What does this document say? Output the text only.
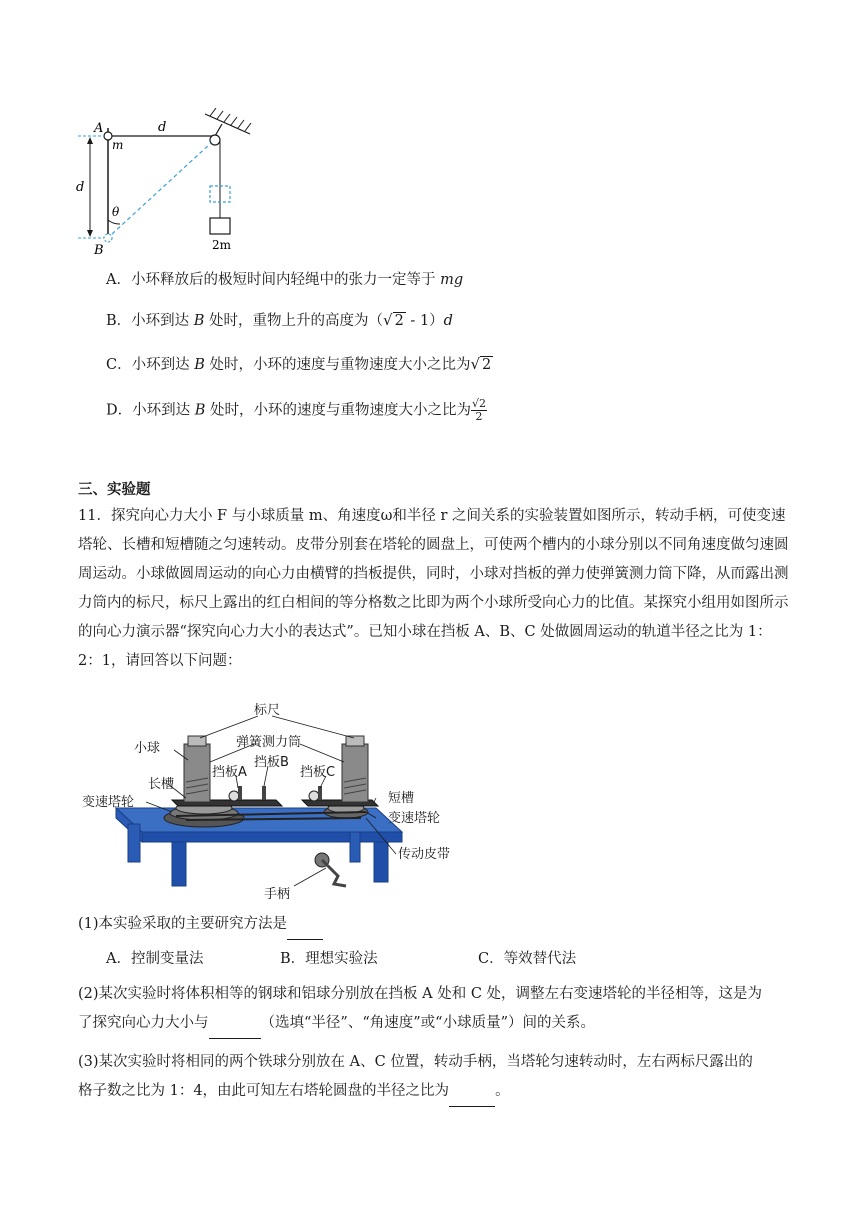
A
m
d
d
θ
B	2m
A．小环释放后的极短时间内轻绳中的张力一定等于 mg
B．小环到达 B 处时，重物上升的高度为（√ 2 - 1）d
C．小环到达 B 处时，小环的速度与重物速度大小之比为√ 2
D．小环到达 B 处时，小环的速度与重物速度大小之比为 $\frac{√2}{2}$
三、实验题
11．探究向心力大小 F 与小球质量 m、角速度ω和半径 r 之间关系的实验装置如图所示，转动手柄，可使变速塔轮、长槽和短槽随之匀速转动。皮带分别套在塔轮的圆盘上，可使两个槽内的小球分别以不同角速度做匀速圆周运动。小球做圆周运动的向心力由横臂的挡板提供，同时，小球对挡板的弹力使弹簧测力筒下降，从而露出测力筒内的标尺，标尺上露出的红白相间的等分格数之比即为两个小球所受向心力的比值。某探究小组用如图所示的向心力演示器“探究向心力大小的表达式”。已知小球在挡板 A、B、C 处做圆周运动的轨道半径之比为 1：2：1，请回答以下问题：
标尺
小球	弹簧测力筒
挡板A
挡板B
挡板C
长槽
变速塔轮	短槽
变速塔轮
传动皮带
手柄
(1)本实验采取的主要研究方法是
A．控制变量法	B．理想实验法	C．等效替代法
(2)某次实验时将体积相等的钢球和铝球分别放在挡板 A 处和 C 处，调整左右变速塔轮的半径相等，这是为
了探究向心力大小与	（选填“半径”、“角速度”或“小球质量”）间的关系。
(3)某次实验时将相同的两个铁球分别放在 A、C 位置，转动手柄，当塔轮匀速转动时，左右两标尺露出的
格子数之比为 1：4，由此可知左右塔轮圆盘的半径之比为	。
